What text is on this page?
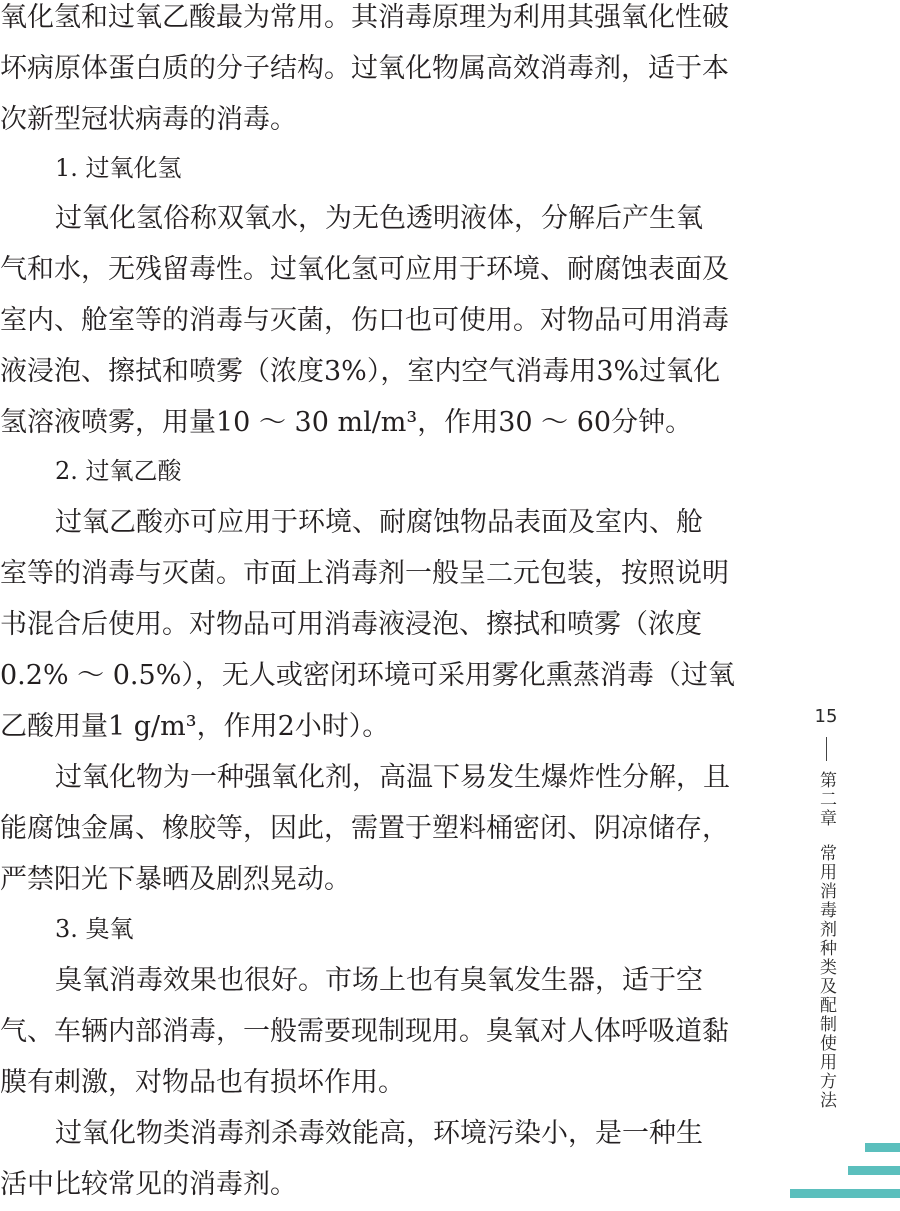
氧化氢和过氧乙酸最为常用。其消毒原理为利用其强氧化性破
坏病原体蛋白质的分子结构。过氧化物属高效消毒剂，适于本
次新型冠状病毒的消毒。
1. 过氧化氢
过氧化氢俗称双氧水，为无色透明液体，分解后产生氧
气和水，无残留毒性。过氧化氢可应用于环境、耐腐蚀表面及
室内、舱室等的消毒与灭菌，伤口也可使用。对物品可用消毒
液浸泡、擦拭和喷雾（浓度3%），室内空气消毒用3%过氧化
氢溶液喷雾，用量10 ～ 30 ml/m³，作用30 ～ 60分钟。
2. 过氧乙酸
过氧乙酸亦可应用于环境、耐腐蚀物品表面及室内、舱
室等的消毒与灭菌。市面上消毒剂一般呈二元包装，按照说明
书混合后使用。对物品可用消毒液浸泡、擦拭和喷雾（浓度
0.2% ～ 0.5%），无人或密闭环境可采用雾化熏蒸消毒（过氧
乙酸用量1 g/m³，作用2小时）。
过氧化物为一种强氧化剂，高温下易发生爆炸性分解，且
能腐蚀金属、橡胶等，因此，需置于塑料桶密闭、阴凉储存，
严禁阳光下暴晒及剧烈晃动。
3. 臭氧
臭氧消毒效果也很好。市场上也有臭氧发生器，适于空
气、车辆内部消毒，一般需要现制现用。臭氧对人体呼吸道黏
膜有刺激，对物品也有损坏作用。
过氧化物类消毒剂杀毒效能高，环境污染小，是一种生
活中比较常见的消毒剂。
15
第二章
常用消毒剂种类及配制使用方法
